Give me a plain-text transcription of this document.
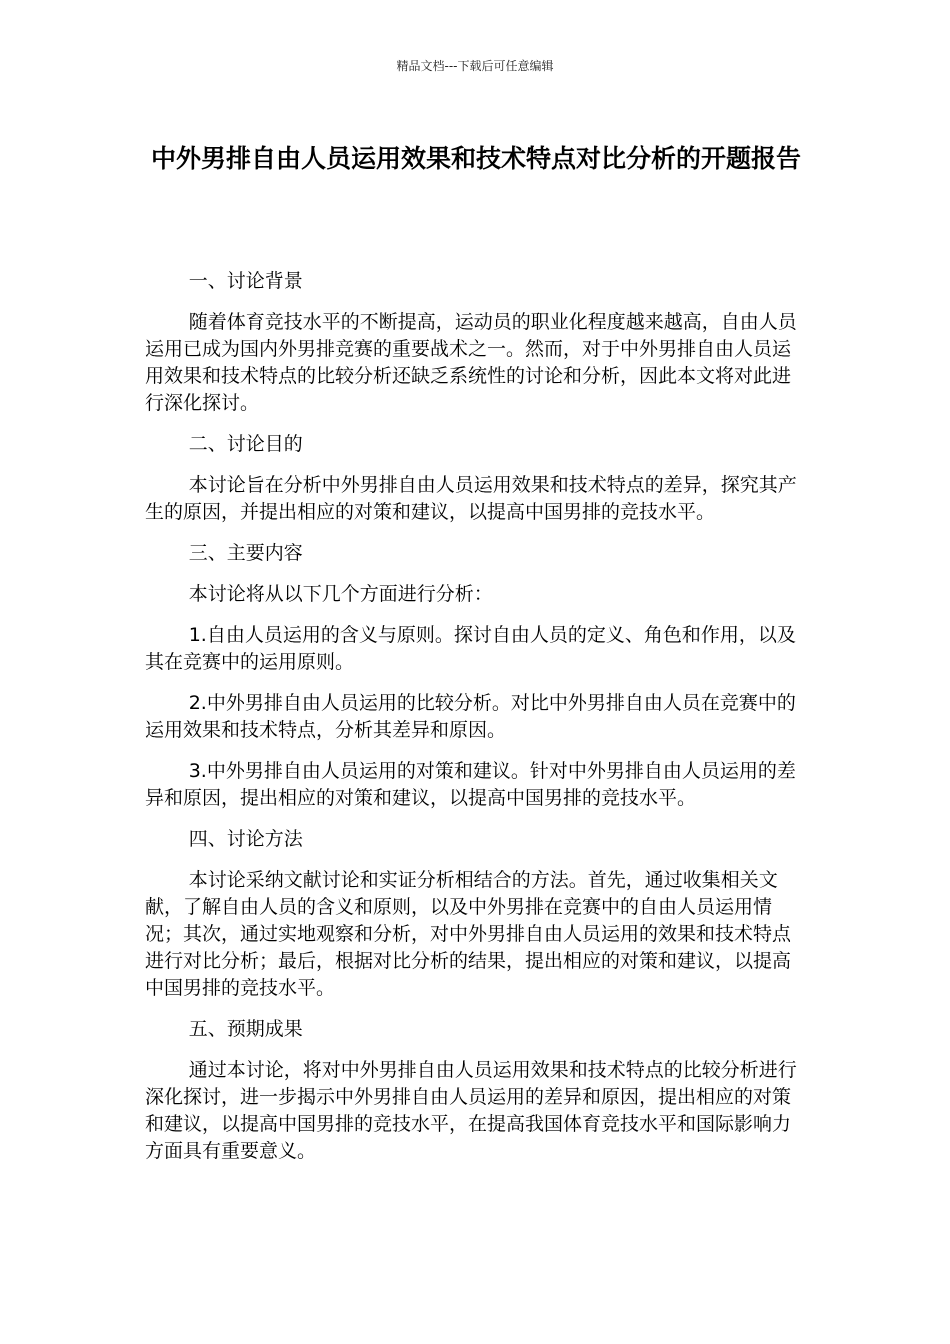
精品文档---下载后可任意编辑
中外男排自由人员运用效果和技术特点对比分析的开题报告

一、讨论背景

随着体育竞技水平的不断提高，运动员的职业化程度越来越高，自由人员运用已成为国内外男排竞赛的重要战术之一。然而，对于中外男排自由人员运用效果和技术特点的比较分析还缺乏系统性的讨论和分析，因此本文将对此进行深化探讨。

二、讨论目的

本讨论旨在分析中外男排自由人员运用效果和技术特点的差异，探究其产生的原因，并提出相应的对策和建议，以提高中国男排的竞技水平。

三、主要内容

本讨论将从以下几个方面进行分析：

1.自由人员运用的含义与原则。探讨自由人员的定义、角色和作用，以及其在竞赛中的运用原则。

2.中外男排自由人员运用的比较分析。对比中外男排自由人员在竞赛中的运用效果和技术特点，分析其差异和原因。

3.中外男排自由人员运用的对策和建议。针对中外男排自由人员运用的差异和原因，提出相应的对策和建议，以提高中国男排的竞技水平。

四、讨论方法

本讨论采纳文献讨论和实证分析相结合的方法。首先，通过收集相关文献，了解自由人员的含义和原则，以及中外男排在竞赛中的自由人员运用情况；其次，通过实地观察和分析，对中外男排自由人员运用的效果和技术特点进行对比分析；最后，根据对比分析的结果，提出相应的对策和建议，以提高中国男排的竞技水平。

五、预期成果

通过本讨论，将对中外男排自由人员运用效果和技术特点的比较分析进行深化探讨，进一步揭示中外男排自由人员运用的差异和原因，提出相应的对策和建议，以提高中国男排的竞技水平，在提高我国体育竞技水平和国际影响力方面具有重要意义。
